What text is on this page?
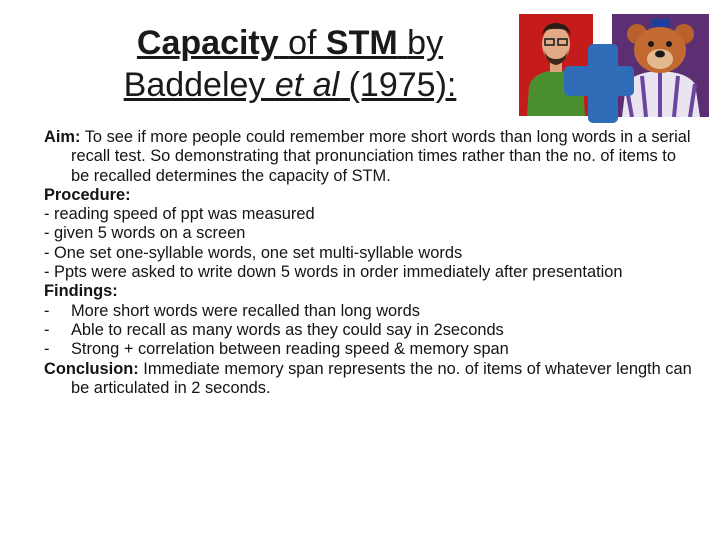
Capacity of STM by
Baddeley et al (1975):

Aim: To see if more people could remember more short words than long words in a serial recall test. So demonstrating that pronunciation times rather than the no. of items to be recalled determines the capacity of STM.

Procedure:

- reading speed of ppt was measured

- given 5 words on a screen

- One set one-syllable words, one set multi-syllable words

- Ppts were asked to write down 5 words in order immediately after presentation

Findings:

-	More short words were recalled than long words
-	Able to recall as many words as they could say in 2seconds
-	Strong + correlation between reading speed & memory span

Conclusion: Immediate memory span represents the no. of items of whatever length can be articulated in 2 seconds.
